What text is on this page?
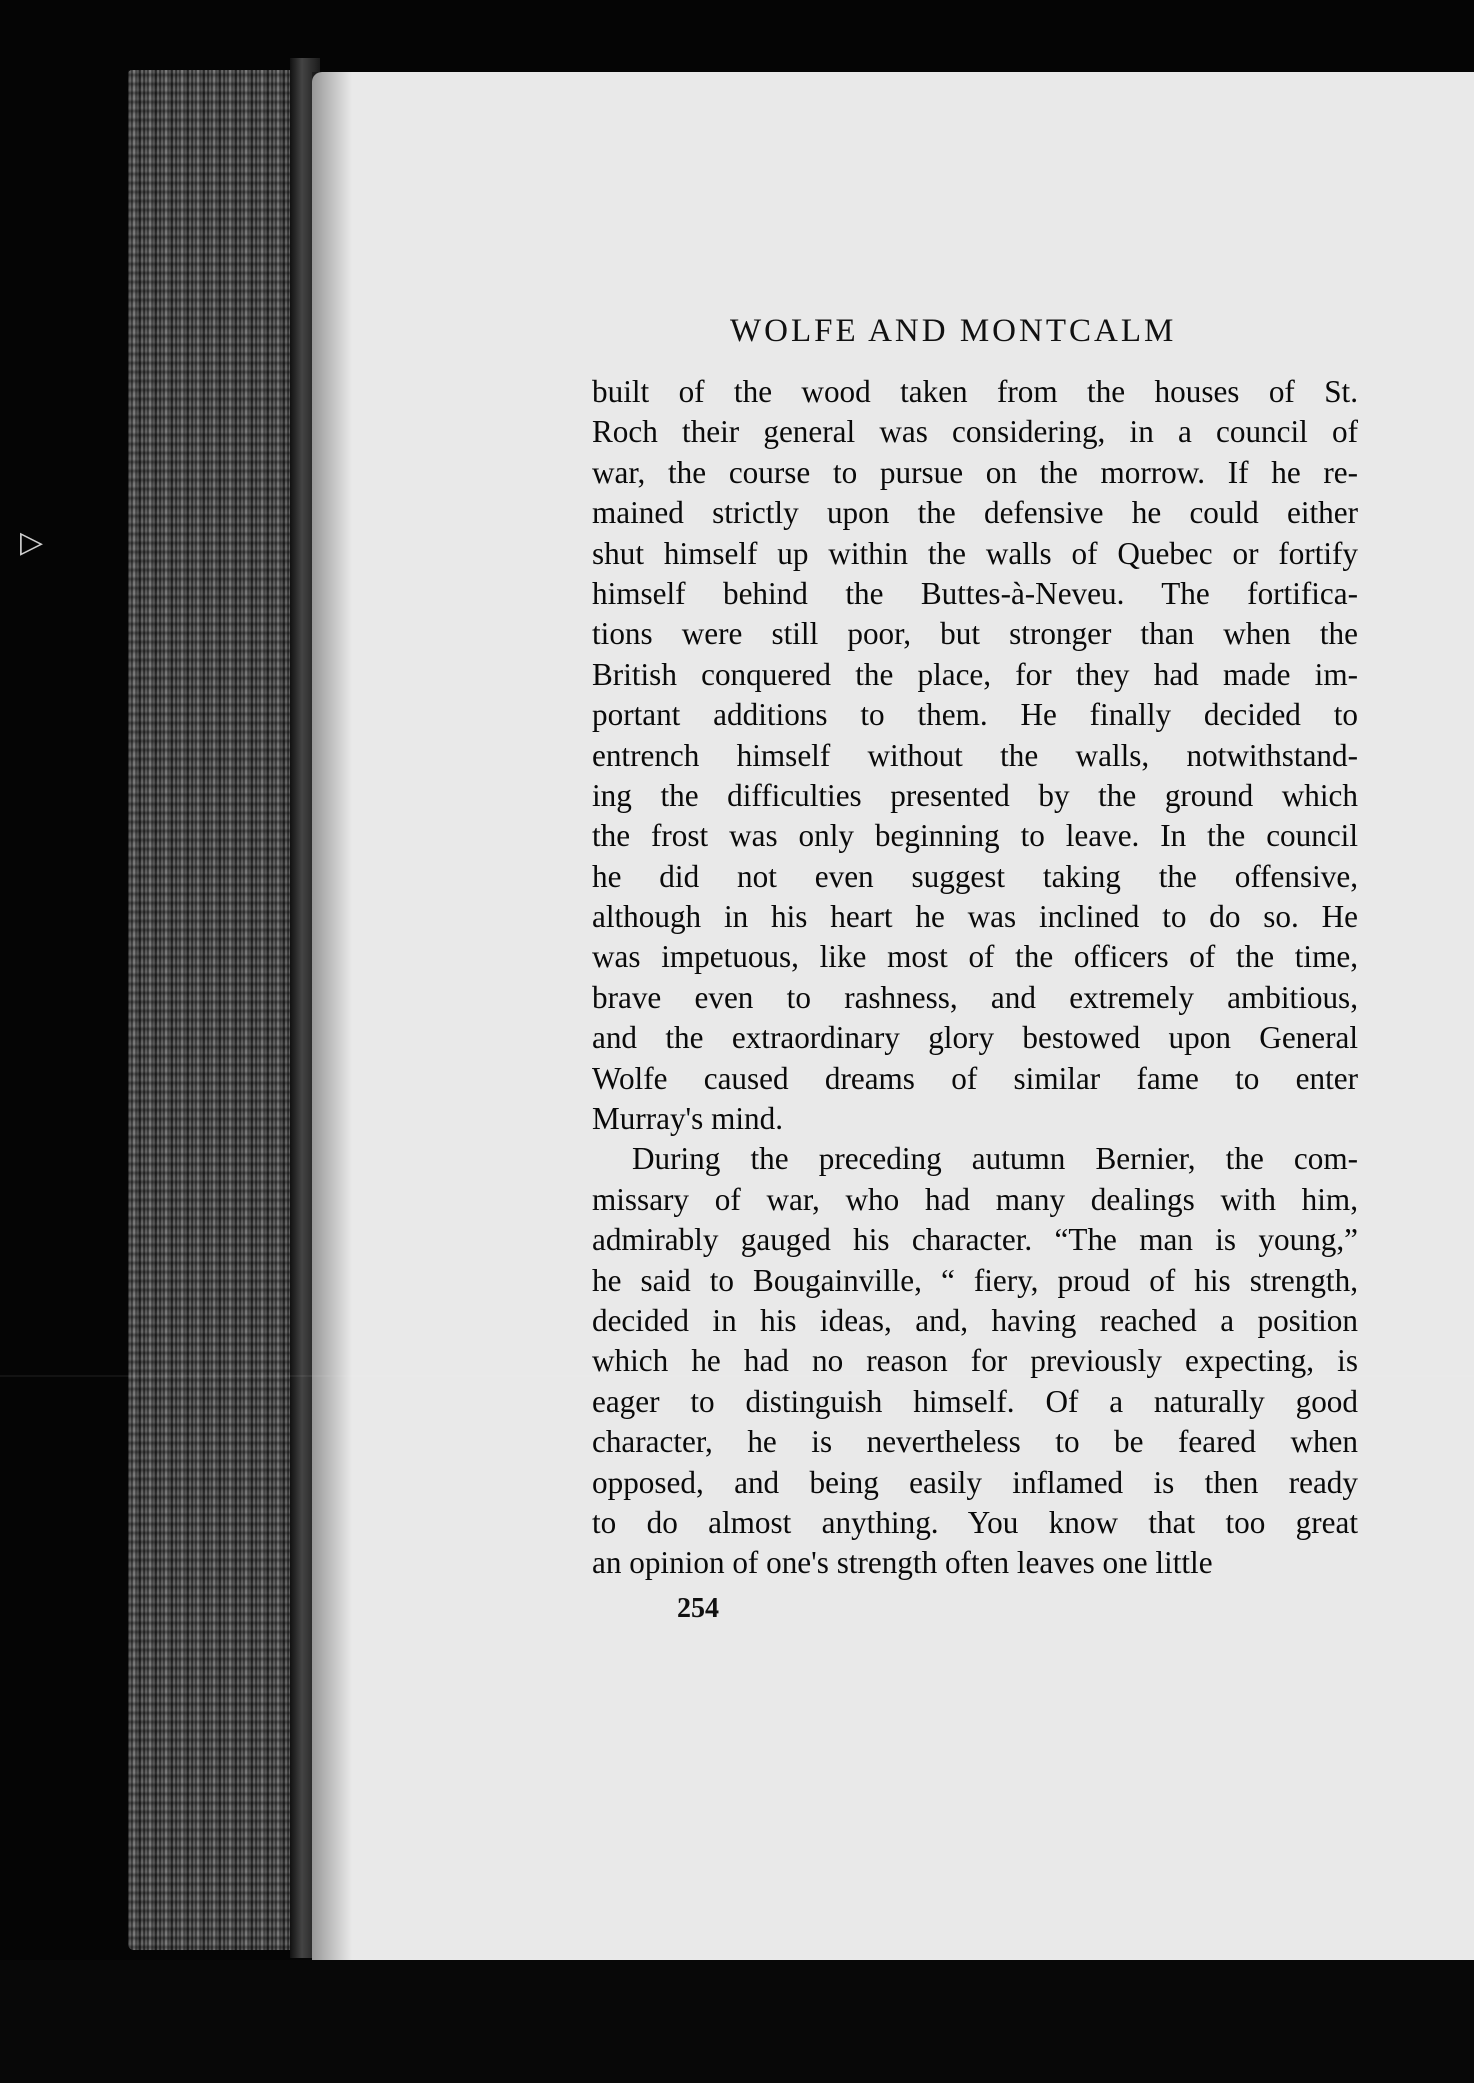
▷
WOLFE AND MONTCALM
built of the wood taken from the houses of St.
Roch their general was considering, in a council of
war, the course to pursue on the morrow. If he re-
mained strictly upon the defensive he could either
shut himself up within the walls of Quebec or fortify
himself behind the Buttes-à-Neveu. The fortifica-
tions were still poor, but stronger than when the
British conquered the place, for they had made im-
portant additions to them. He finally decided to
entrench himself without the walls, notwithstand-
ing the difficulties presented by the ground which
the frost was only beginning to leave. In the council
he did not even suggest taking the offensive,
although in his heart he was inclined to do so. He
was impetuous, like most of the officers of the time,
brave even to rashness, and extremely ambitious,
and the extraordinary glory bestowed upon General
Wolfe caused dreams of similar fame to enter
Murray's mind.
During the preceding autumn Bernier, the com-
missary of war, who had many dealings with him,
admirably gauged his character. “The man is young,”
he said to Bougainville, “ fiery, proud of his strength,
decided in his ideas, and, having reached a position
which he had no reason for previously expecting, is
eager to distinguish himself. Of a naturally good
character, he is nevertheless to be feared when
opposed, and being easily inflamed is then ready
to do almost anything. You know that too great
an opinion of one's strength often leaves one little
254
